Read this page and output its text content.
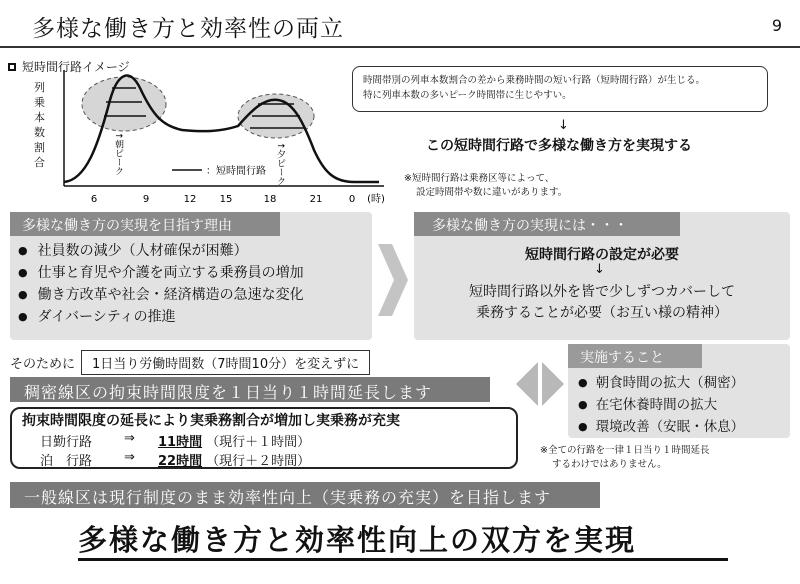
多様な働き方と効率性の両立	9
短時間行路イメージ
列乗本数割合
：短時間行路
↑朝ピーク	↑夕ピーク
6	9	12 15	18	21	0 (時)
時間帯別の列車本数割合の差から乗務時間の短い行路（短時間行路）が生じる。
特に列車本数の多いピーク時間帯に生じやすい。
↓
この短時間行路で多様な働き方を実現する
※短時間行路は乗務区等によって、
設定時間帯や数に違いがあります。
多様な働き方の実現を目指す理由
● 社員数の減少（人材確保が困難）
● 仕事と育児や介護を両立する乗務員の増加
● 働き方改革や社会・経済構造の急速な変化
● ダイバーシティの推進
多様な働き方の実現には・・・
短時間行路の設定が必要
↓
短時間行路以外を皆で少しずつカバーして
乗務することが必要（お互い様の精神）
そのために	1日当り労働時間数（7時間10分）を変えずに
稠密線区の拘束時間限度を１日当り１時間延長します
拘束時間限度の延長により実乗務割合が増加し実乗務が充実
日勤行路	⇒	11時間 （現行＋１時間）
泊　行路	⇒	22時間 （現行＋２時間）
実施すること
● 朝食時間の拡大（稠密）
● 在宅休養時間の拡大
● 環境改善（安眠・休息）
※全ての行路を一律１日当り１時間延長
するわけではありません。
一般線区は現行制度のまま効率性向上（実乗務の充実）を目指します
多様な働き方と効率性向上の双方を実現
